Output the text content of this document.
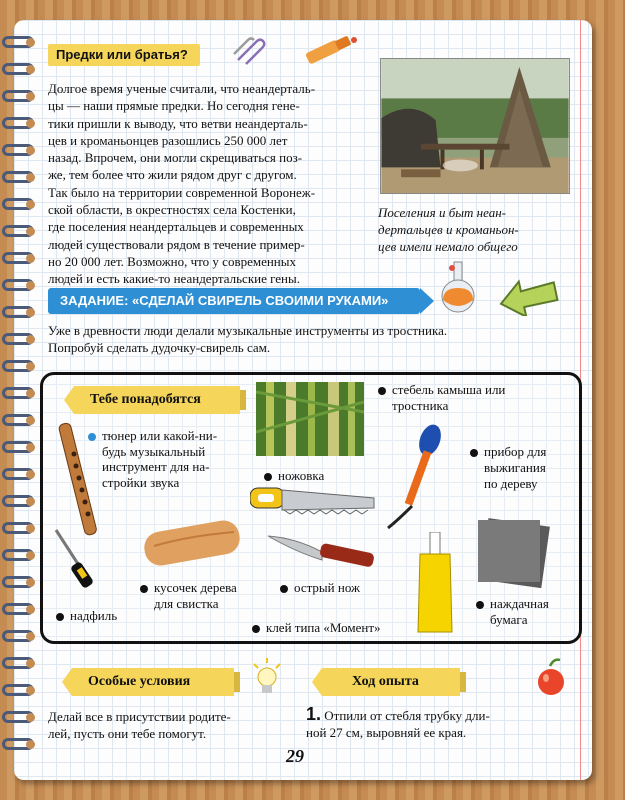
Предки или братья?
Долгое время ученые считали, что неандерталь-
цы — наши прямые предки. Но сегодня генe-
тики пришли к выводу, что ветви неандерталь-
цев и кроманьонцев разошлись 250 000 лет
назад. Впрочем, они могли скрещиваться поз-
же, тем более что жили рядом друг с другом.
Так было на территории современной Воронеж-
ской области, в окрестностях села Костенки,
где поселения неандертальцев и современных
людей существовали рядом в течение пример-
но 20 000 лет. Возможно, что у современных
людей и есть какие-то неандертальские гены.
Поселения и быт неан-
дертальцев и кроманьон-
цев имели немало общего
ЗАДАНИЕ: «СДЕЛАЙ СВИРЕЛЬ СВОИМИ РУКАМИ»
Уже в древности люди делали музыкальные инструменты из тростника.
Попробуй сделать дудочку-свирель сам.
Тебе понадобятся
стебель камыша или
тростника
тюнер или какой-ни-
будь музыкальный
инструмент для на-
стройки звука
прибор для
выжигания
по дереву
ножовка
кусочек дерева
для свистка
острый нож
наждачная
бумага
надфиль
клей типа «Момент»
Особые условия
Делай все в присутствии родите-
лей, пусть они тебе помогут.
Ход опыта
1. Отпили от стебля трубку дли-
ной 27 см, выровняй ее края.
29
